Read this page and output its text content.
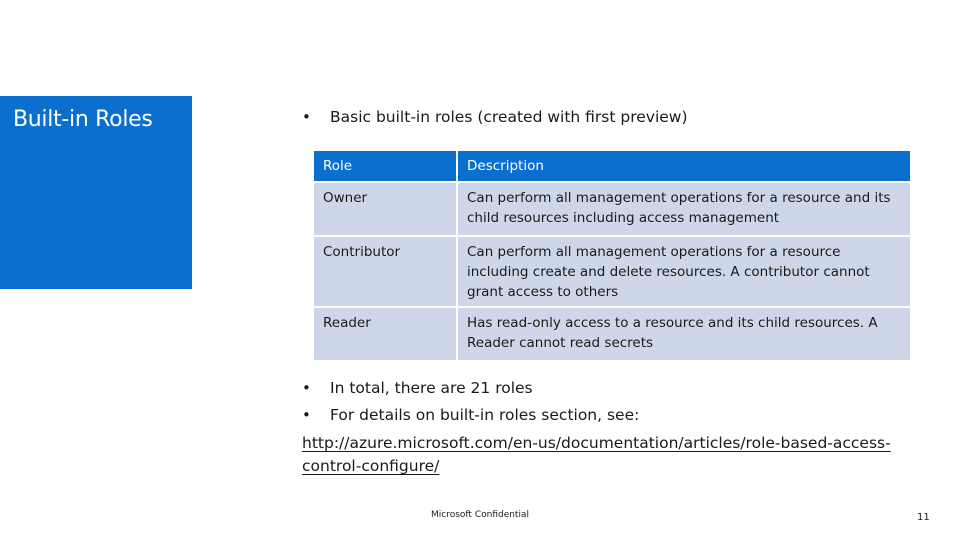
Built-in Roles	•	Basic built-in roles (created with first preview)
Role	Description
Owner	Can perform all management operations for a resource and its child resources including access management
Contributor	Can perform all management operations for a resource including create and delete resources. A contributor cannot grant access to others
Reader	Has read-only access to a resource and its child resources. A Reader cannot read secrets
•	In total, there are 21 roles
•	For details on built-in roles section, see:
http://azure.microsoft.com/en-us/documentation/articles/role-based-access-control-configure/
Microsoft Confidential	11
